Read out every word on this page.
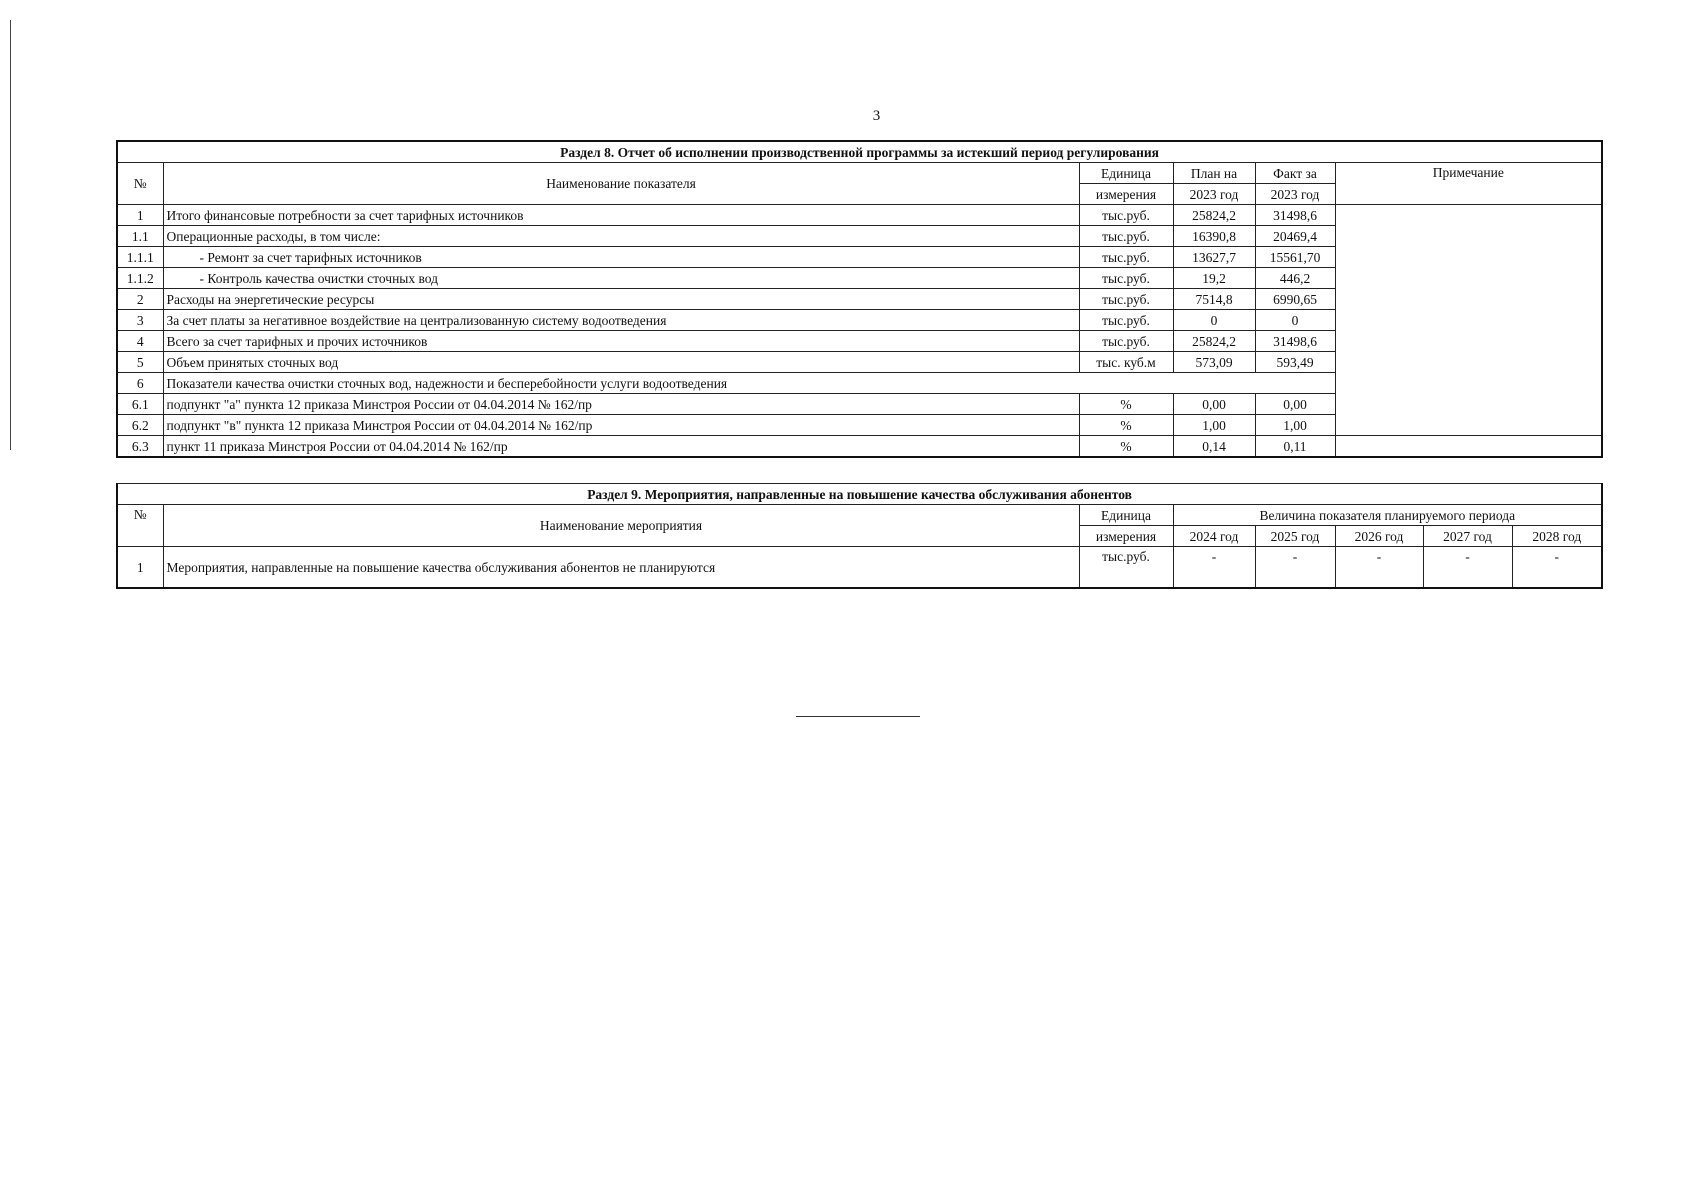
3
Раздел 8. Отчет об исполнении производственной программы за истекший период регулирования					
№	Наименование показателя	Единица	План на	Факт за	Примечание
		измерения	2023 год	2023 год	
1	Итого финансовые потребности за счет тарифных источников	тыс.руб.	25824,2	31498,6	
1.1	Операционные расходы, в том числе:	тыс.руб.	16390,8	20469,4	
1.1.1	- Ремонт за счет тарифных источников	тыс.руб.	13627,7	15561,70	
1.1.2	- Контроль качества очистки сточных вод	тыс.руб.	19,2	446,2	
2	Расходы на энергетические ресурсы	тыс.руб.	7514,8	6990,65	
3	За счет платы за негативное воздействие на централизованную систему водоотведения	тыс.руб.	0	0	
4	Всего за счет тарифных и прочих источников	тыс.руб.	25824,2	31498,6	
5	Объем принятых сточных вод	тыс. куб.м	573,09	593,49	
6	Показатели качества очистки сточных вод, надежности и бесперебойности услуги водоотведения				
6.1	подпункт "а" пункта 12 приказа Минстроя России от 04.04.2014 № 162/пр	%	0,00	0,00	
6.2	подпункт "в" пункта 12 приказа Минстроя России от 04.04.2014 № 162/пр	%	1,00	1,00	
6.3	пункт 11 приказа Минстроя России от 04.04.2014 № 162/пр	%	0,14	0,11	
Раздел 9. Мероприятия, направленные на повышение качества обслуживания абонентов							
№	Наименование мероприятия	Единица	Величина показателя планируемого периода				
		измерения	2024 год	2025 год	2026 год	2027 год	2028 год
1	Мероприятия, направленные на повышение качества обслуживания абонентов не планируются	тыс.руб.	-	-	-	-	-
